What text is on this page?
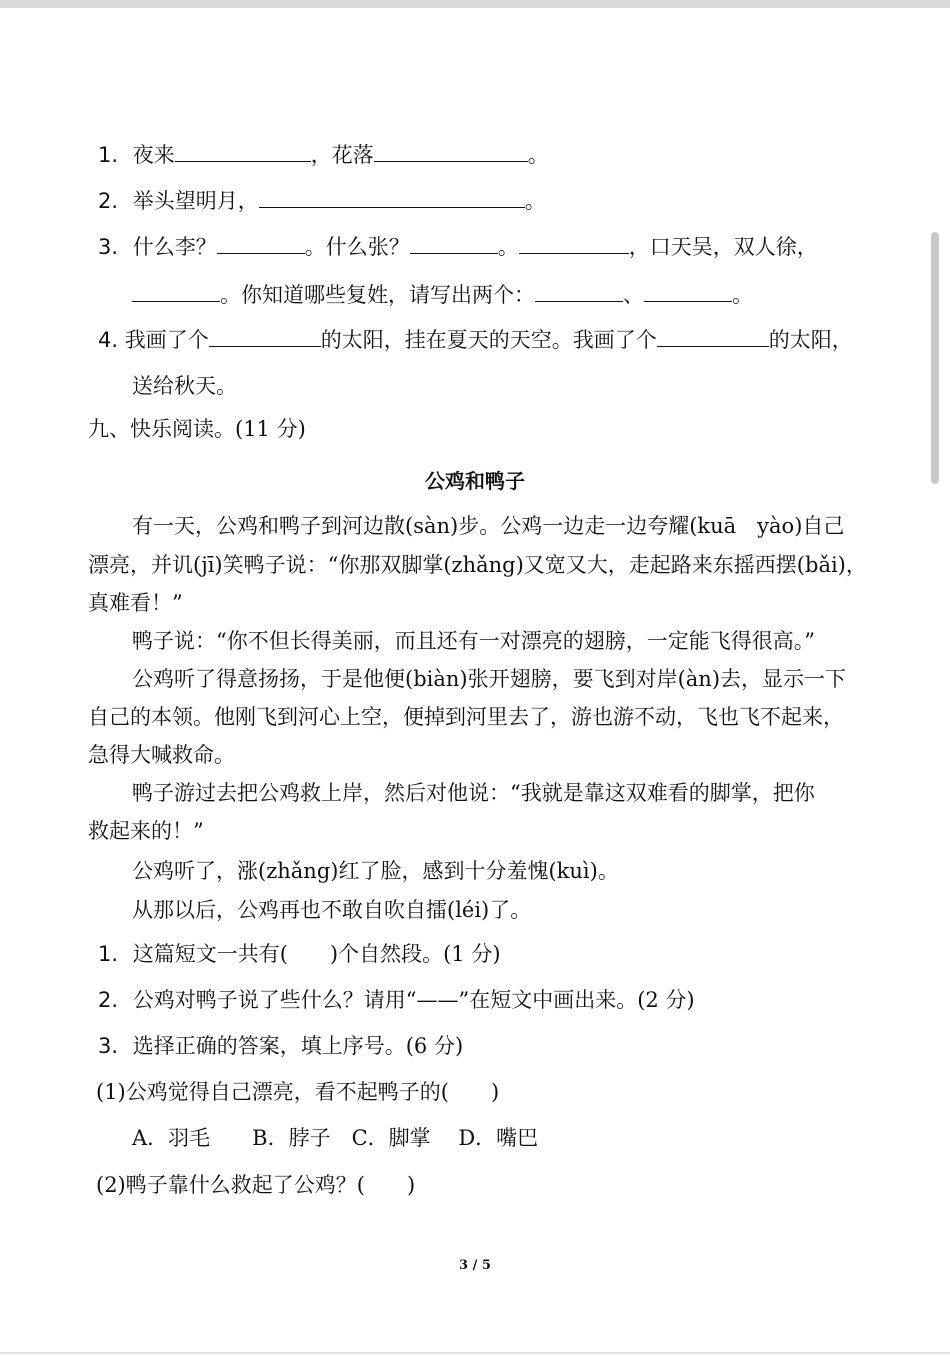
1. 夜来	，花落	。
2. 举头望明月，	。
3. 什么李？	。什么张？	。	，口天吴，双人徐，
。你知道哪些复姓，请写出两个：	、	。
4. 我画了个	的太阳，挂在夏天的天空。我画了个	的太阳，
送给秋天。
九、快乐阅读。(11 分)
公鸡和鸭子
有一天，公鸡和鸭子到河边散(sàn)步。公鸡一边走一边夸耀(kuā　yào)自己
漂亮，并讥(jī)笑鸭子说：“你那双脚掌(zhǎng)又宽又大，走起路来东摇西摆(bǎi)，
真难看！”
鸭子说：“你不但长得美丽，而且还有一对漂亮的翅膀，一定能飞得很高。”
公鸡听了得意扬扬，于是他便(biàn)张开翅膀，要飞到对岸(àn)去，显示一下
自己的本领。他刚飞到河心上空，便掉到河里去了，游也游不动，飞也飞不起来，
急得大喊救命。
鸭子游过去把公鸡救上岸，然后对他说：“我就是靠这双难看的脚掌，把你
救起来的！”
公鸡听了，涨(zhǎng)红了脸，感到十分羞愧(kuì)。
从那以后，公鸡再也不敢自吹自擂(léi)了。
1. 这篇短文一共有(　　)个自然段。(1 分)
2. 公鸡对鸭子说了些什么？请用“——”在短文中画出来。(2 分)
3. 选择正确的答案，填上序号。(6 分)
(1)公鸡觉得自己漂亮，看不起鸭子的(　　)
A．羽毛　　B．脖子　C．脚掌　 D．嘴巴
(2)鸭子靠什么救起了公鸡？(　　)
3 / 5
